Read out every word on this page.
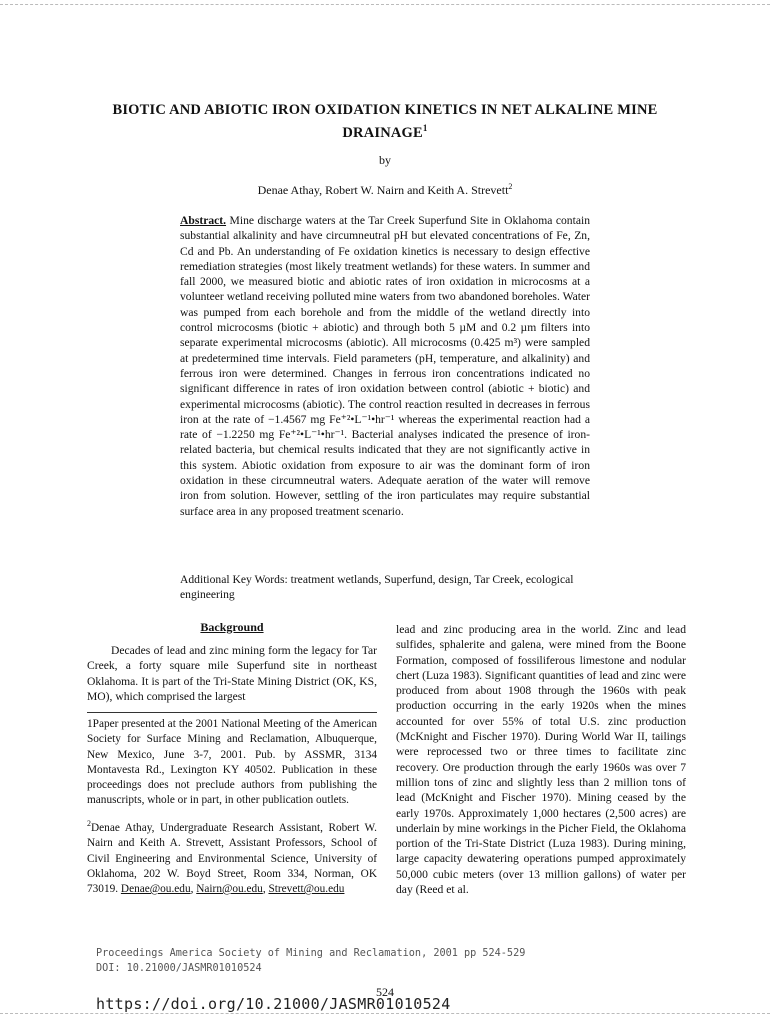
BIOTIC AND ABIOTIC IRON OXIDATION KINETICS IN NET ALKALINE MINE DRAINAGE$^1$
by
Denae Athay, Robert W. Nairn and Keith A. Strevett$^2$

Abstract. Mine discharge waters at the Tar Creek Superfund Site in Oklahoma contain substantial alkalinity and have circumneutral pH but elevated concentrations of Fe, Zn, Cd and Pb. An understanding of Fe oxidation kinetics is necessary to design effective remediation strategies (most likely treatment wetlands) for these waters. In summer and fall 2000, we measured biotic and abiotic rates of iron oxidation in microcosms at a volunteer wetland receiving polluted mine waters from two abandoned boreholes. Water was pumped from each borehole and from the middle of the wetland directly into control microcosms (biotic + abiotic) and through both 5 µM and 0.2 µm filters into separate experimental microcosms (abiotic). All microcosms (0.425 m³) were sampled at predetermined time intervals. Field parameters (pH, temperature, and alkalinity) and ferrous iron were determined. Changes in ferrous iron concentrations indicated no significant difference in rates of iron oxidation between control (abiotic + biotic) and experimental microcosms (abiotic). The control reaction resulted in decreases in ferrous iron at the rate of −1.4567 mg Fe⁺²•L⁻¹•hr⁻¹ whereas the experimental reaction had a rate of −1.2250 mg Fe⁺²•L⁻¹•hr⁻¹. Bacterial analyses indicated the presence of iron-related bacteria, but chemical results indicated that they are not significantly active in this system. Abiotic oxidation from exposure to air was the dominant form of iron oxidation in these circumneutral waters. Adequate aeration of the water will remove iron from solution. However, settling of the iron particulates may require substantial surface area in any proposed treatment scenario.

Additional Key Words: treatment wetlands, Superfund, design, Tar Creek, ecological engineering

Background

Decades of lead and zinc mining form the legacy for Tar Creek, a forty square mile Superfund site in northeast Oklahoma. It is part of the Tri-State Mining District (OK, KS, MO), which comprised the largest

1Paper presented at the 2001 National Meeting of the American Society for Surface Mining and Reclamation, Albuquerque, New Mexico, June 3-7, 2001. Pub. by ASSMR, 3134 Montavesta Rd., Lexington KY 40502. Publication in these proceedings does not preclude authors from publishing the manuscripts, whole or in part, in other publication outlets.

$^2$Denae Athay, Undergraduate Research Assistant, Robert W. Nairn and Keith A. Strevett, Assistant Professors, School of Civil Engineering and Environmental Science, University of Oklahoma, 202 W. Boyd Street, Room 334, Norman, OK 73019. Denae@ou.edu, Nairn@ou.edu, Strevett@ou.edu

lead and zinc producing area in the world. Zinc and lead sulfides, sphalerite and galena, were mined from the Boone Formation, composed of fossiliferous limestone and nodular chert (Luza 1983). Significant quantities of lead and zinc were produced from about 1908 through the 1960s with peak production occurring in the early 1920s when the mines accounted for over 55% of total U.S. zinc production (McKnight and Fischer 1970). During World War II, tailings were reprocessed two or three times to facilitate zinc recovery. Ore production through the early 1960s was over 7 million tons of zinc and slightly less than 2 million tons of lead (McKnight and Fischer 1970). Mining ceased by the early 1970s. Approximately 1,000 hectares (2,500 acres) are underlain by mine workings in the Picher Field, the Oklahoma portion of the Tri-State District (Luza 1983). During mining, large capacity dewatering operations pumped approximately 50,000 cubic meters (over 13 million gallons) of water per day (Reed et al.

Proceedings America Society of Mining and Reclamation, 2001 pp 524-529
DOI: 10.21000/JASMR01010524
524
https://doi.org/10.21000/JASMR01010524
